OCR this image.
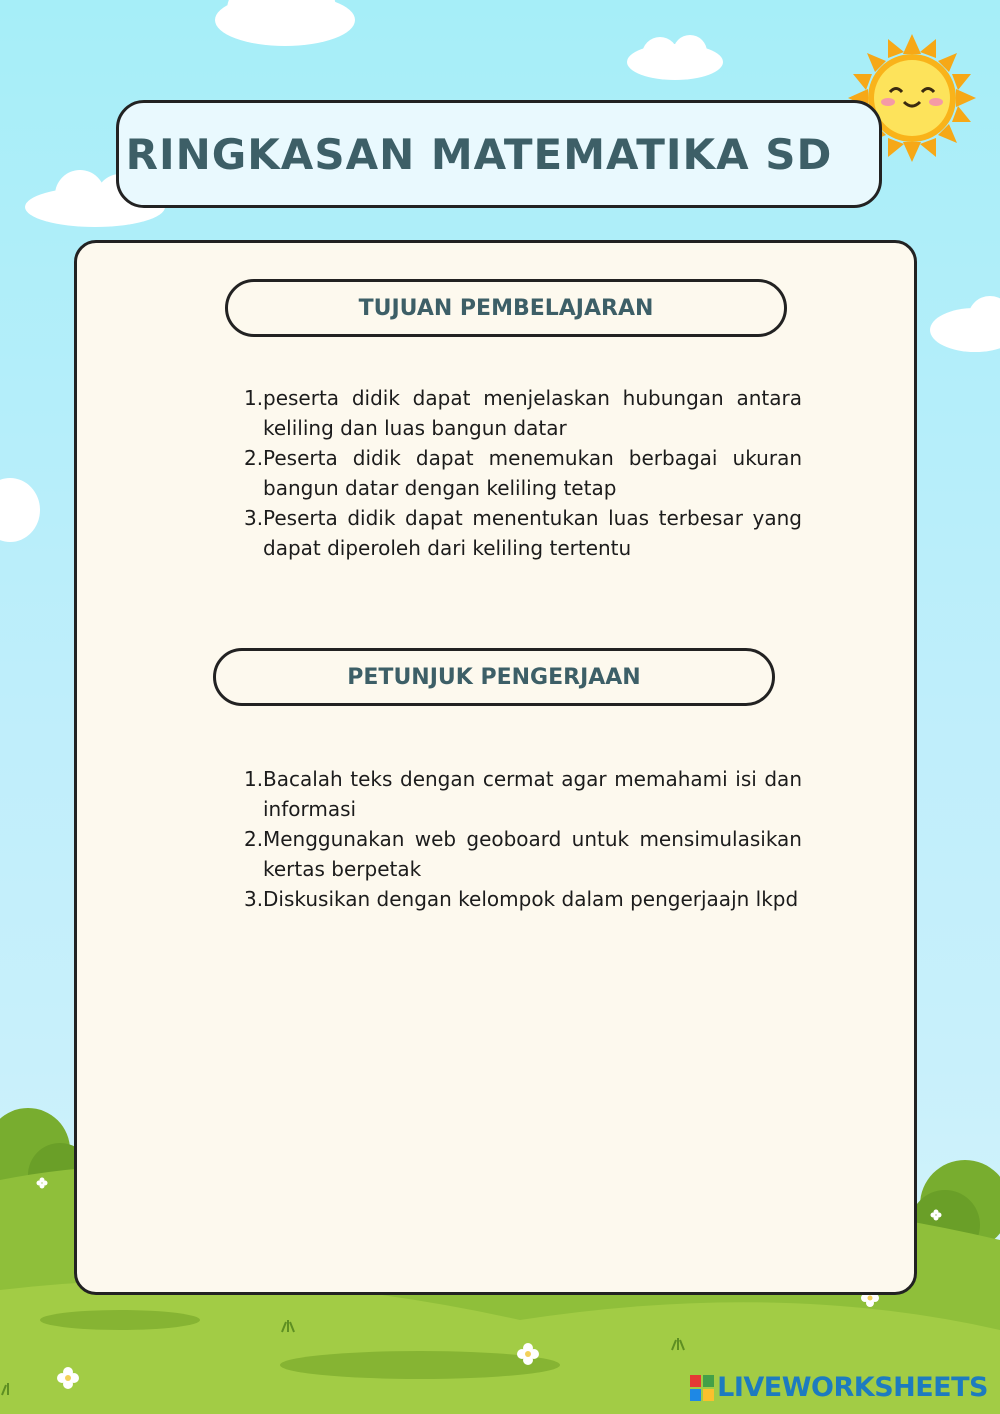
RINGKASAN MATEMATIKA SD
TUJUAN PEMBELAJARAN
1. peserta didik dapat menjelaskan hubungan antara keliling dan luas bangun datar
2. Peserta didik dapat menemukan berbagai ukuran bangun datar dengan keliling tetap
3. Peserta didik dapat menentukan luas terbesar yang dapat diperoleh dari keliling tertentu
PETUNJUK PENGERJAAN
1. Bacalah teks dengan cermat agar memahami isi dan informasi
2. Menggunakan web geoboard untuk mensimulasikan kertas berpetak
3. Diskusikan dengan kelompok dalam pengerjaajn lkpd
LIVEWORKSHEETS
